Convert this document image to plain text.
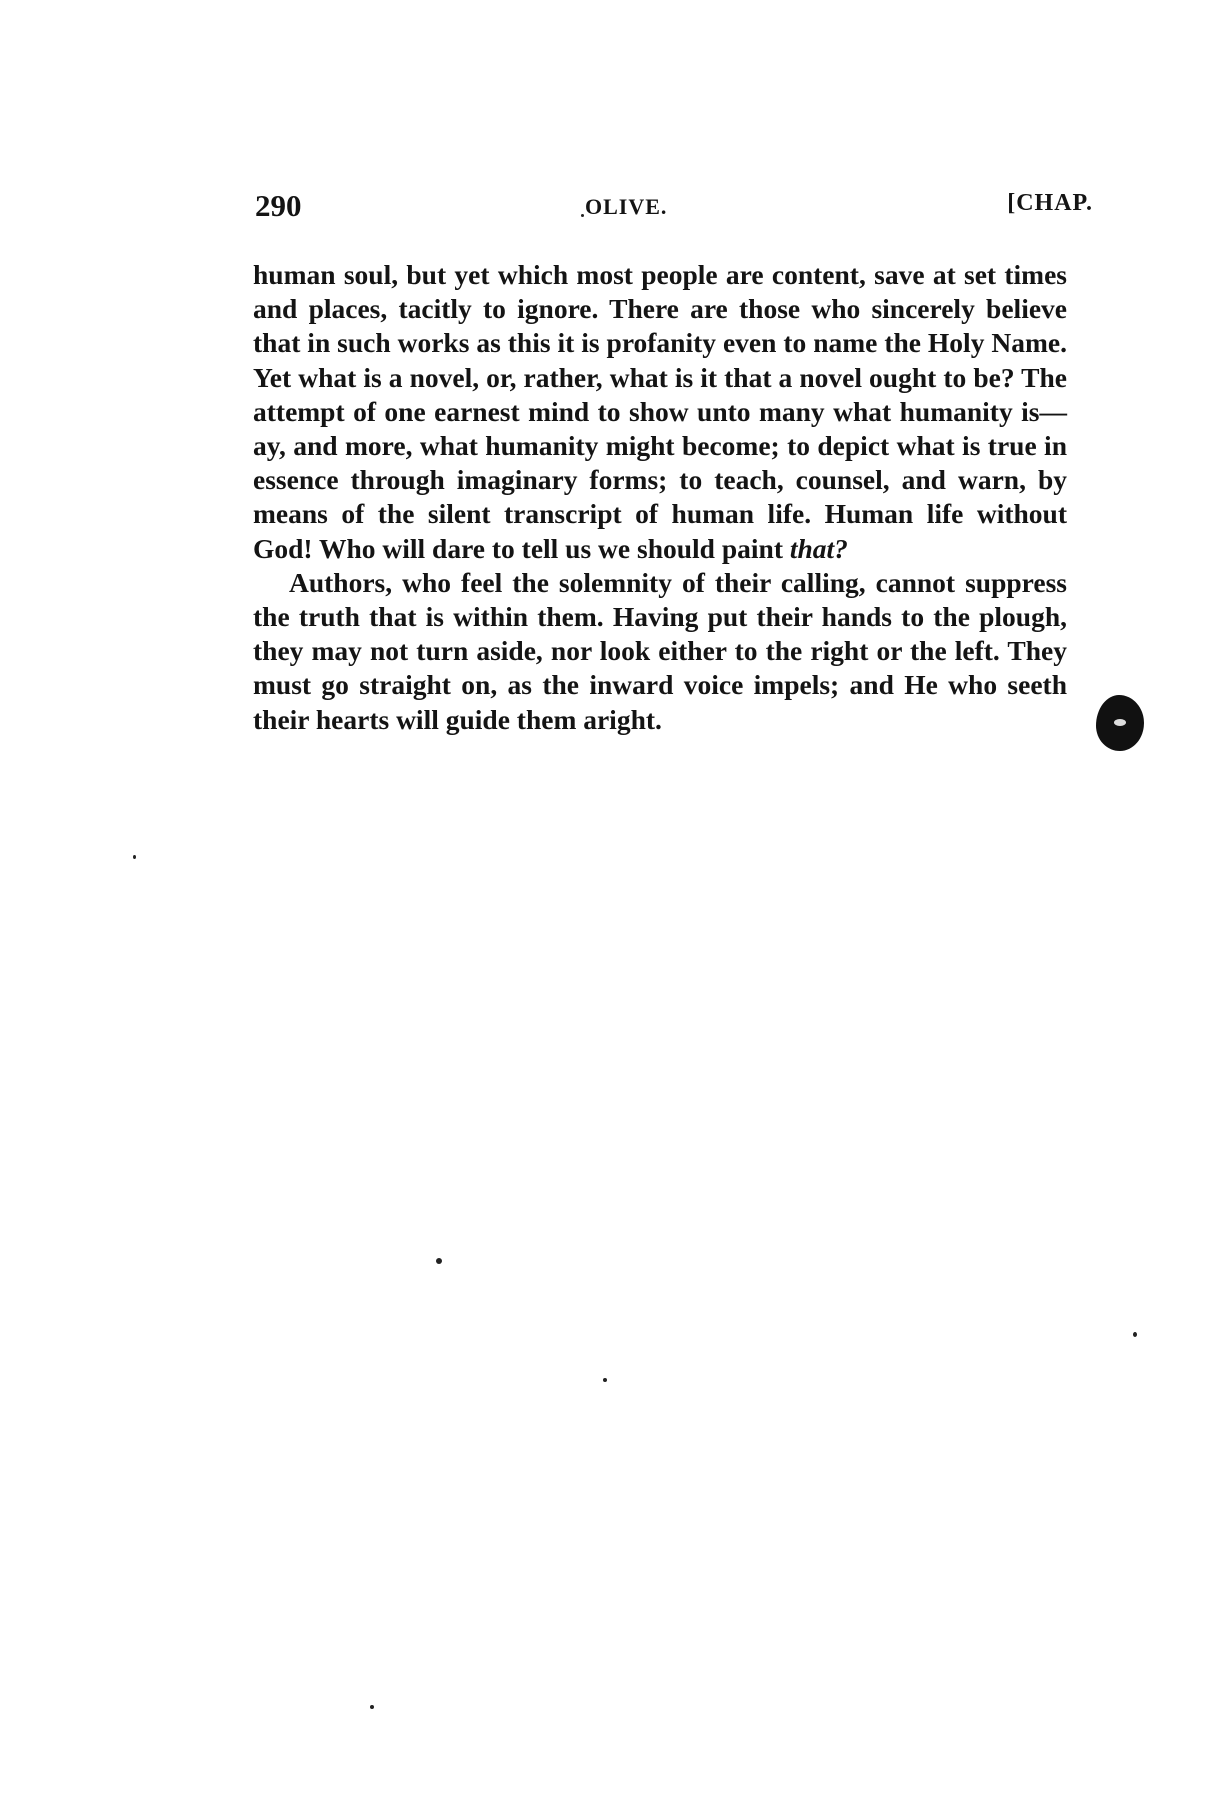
290	OLIVE.	[CHAP.

human soul, but yet which most people are content, save at set times and places, tacitly to ignore. There are those who sincerely believe that in such works as this it is profanity even to name the Holy Name. Yet what is a novel, or, rather, what is it that a novel ought to be? The attempt of one earnest mind to show unto many what humanity is—ay, and more, what humanity might become; to depict what is true in essence through imaginary forms; to teach, counsel, and warn, by means of the silent transcript of human life. Human life without God! Who will dare to tell us we should paint that?

Authors, who feel the solemnity of their calling, cannot suppress the truth that is within them. Having put their hands to the plough, they may not turn aside, nor look either to the right or the left. They must go straight on, as the inward voice impels; and He who seeth their hearts will guide them aright.
